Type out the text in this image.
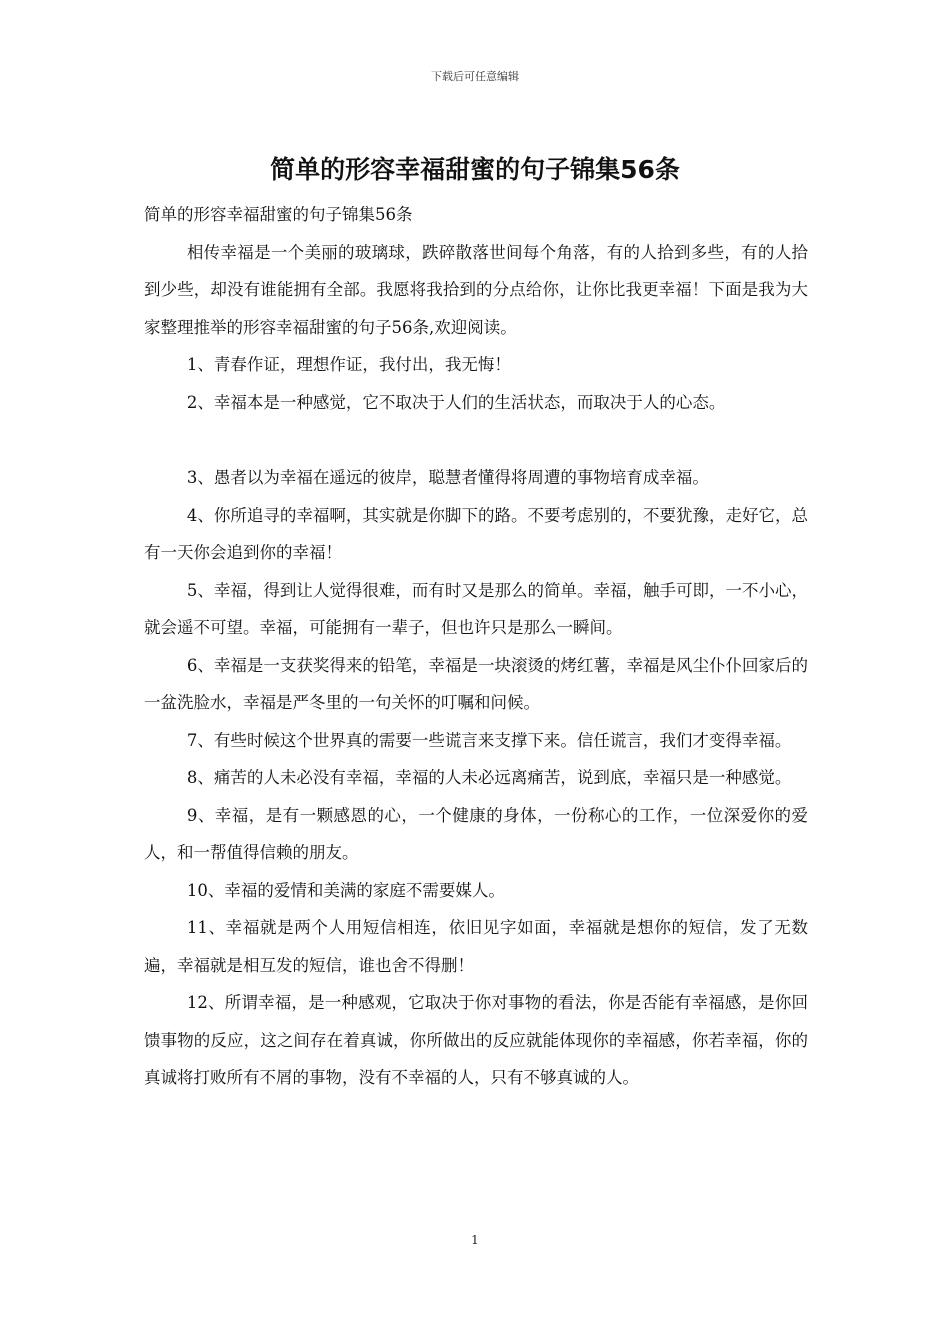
下载后可任意编辑
简单的形容幸福甜蜜的句子锦集56条

简单的形容幸福甜蜜的句子锦集56条

相传幸福是一个美丽的玻璃球，跌碎散落世间每个角落，有的人拾到多些，有的人拾到少些，却没有谁能拥有全部。我愿将我拾到的分点给你，让你比我更幸福！下面是我为大家整理推举的形容幸福甜蜜的句子56条,欢迎阅读。

1、青春作证，理想作证，我付出，我无悔！

2、幸福本是一种感觉，它不取决于人们的生活状态，而取决于人的心态。

3、愚者以为幸福在遥远的彼岸，聪慧者懂得将周遭的事物培育成幸福。

4、你所追寻的幸福啊，其实就是你脚下的路。不要考虑别的，不要犹豫，走好它，总有一天你会追到你的幸福！

5、幸福，得到让人觉得很难，而有时又是那么的简单。幸福，触手可即，一不小心，就会遥不可望。幸福，可能拥有一辈子，但也许只是那么一瞬间。

6、幸福是一支获奖得来的铅笔，幸福是一块滚烫的烤红薯，幸福是风尘仆仆回家后的一盆洗脸水，幸福是严冬里的一句关怀的叮嘱和问候。

7、有些时候这个世界真的需要一些谎言来支撑下来。信任谎言，我们才变得幸福。

8、痛苦的人未必没有幸福，幸福的人未必远离痛苦，说到底，幸福只是一种感觉。

9、幸福，是有一颗感恩的心，一个健康的身体，一份称心的工作，一位深爱你的爱人，和一帮值得信赖的朋友。

10、幸福的爱情和美满的家庭不需要媒人。

11、幸福就是两个人用短信相连，依旧见字如面，幸福就是想你的短信，发了无数遍，幸福就是相互发的短信，谁也舍不得删！

12、所谓幸福，是一种感观，它取决于你对事物的看法，你是否能有幸福感，是你回馈事物的反应，这之间存在着真诚，你所做出的反应就能体现你的幸福感，你若幸福，你的真诚将打败所有不屑的事物，没有不幸福的人，只有不够真诚的人。

1
